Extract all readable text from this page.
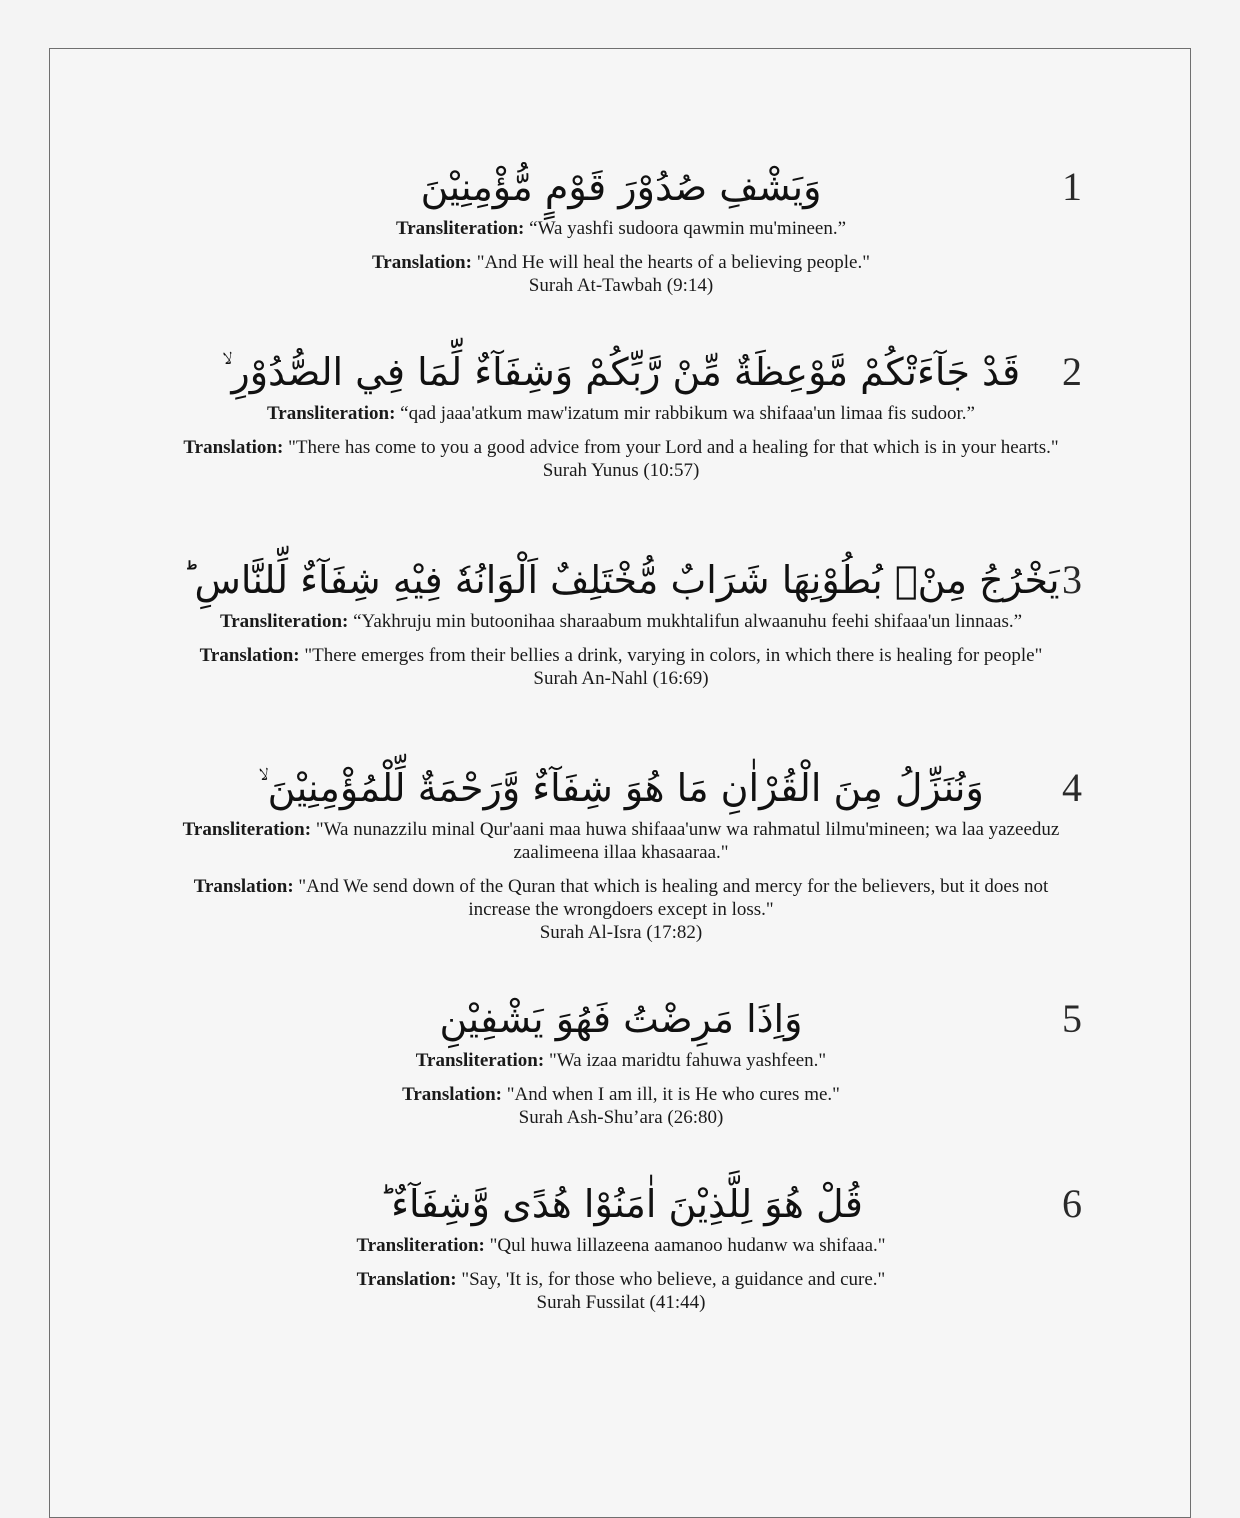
1
وَيَشْفِ صُدُوْرَ قَوْمٍ مُّؤْمِنِيْنَ
Transliteration: “Wa yashfi sudoora qawmin mu'mineen.”
Translation: "And He will heal the hearts of a believing people."
Surah At-Tawbah (9:14)
2
قَدْ جَآءَتْكُمْ مَّوْعِظَةٌ مِّنْ رَّبِّكُمْ وَشِفَآءٌ لِّمَا فِي الصُّدُوْرِ ۙ
Transliteration: “qad jaaa'atkum maw'izatum mir rabbikum wa shifaaa'un limaa fis sudoor.”
Translation: "There has come to you a good advice from your Lord and a healing for that which is in your hearts."
Surah Yunus (10:57)
3
يَخْرُجُ مِنْۢ بُطُوْنِهَا شَرَابٌ مُّخْتَلِفٌ اَلْوَانُهٗ فِيْهِ شِفَآءٌ لِّلنَّاسِ ؕ
Transliteration: “Yakhruju min butoonihaa sharaabum mukhtalifun alwaanuhu feehi shifaaa'un linnaas.”
Translation: "There emerges from their bellies a drink, varying in colors, in which there is healing for people"
Surah An-Nahl (16:69)
4
وَنُنَزِّلُ مِنَ الْقُرْاٰنِ مَا هُوَ شِفَآءٌ وَّرَحْمَةٌ لِّلْمُؤْمِنِيْنَ ۙ
Transliteration: "Wa nunazzilu minal Qur'aani maa huwa shifaaa'unw wa rahmatul lilmu'mineen; wa laa yazeeduz zaalimeena illaa khasaaraa."
Translation: "And We send down of the Quran that which is healing and mercy for the believers, but it does not increase the wrongdoers except in loss."
Surah Al-Isra (17:82)
5
وَاِذَا مَرِضْتُ فَهُوَ يَشْفِيْنِ
Transliteration: "Wa izaa maridtu fahuwa yashfeen."
Translation: "And when I am ill, it is He who cures me."
Surah Ash-Shu’ara (26:80)
6
قُلْ هُوَ لِلَّذِيْنَ اٰمَنُوْا هُدًى وَّشِفَآءٌ ؕ
Transliteration: "Qul huwa lillazeena aamanoo hudanw wa shifaaa."
Translation: "Say, 'It is, for those who believe, a guidance and cure."
Surah Fussilat (41:44)
